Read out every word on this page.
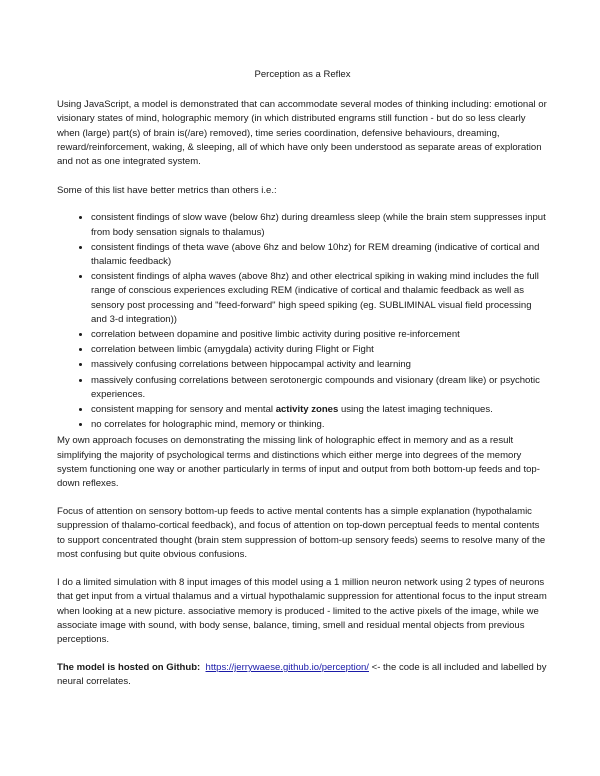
Perception as a Reflex

Using JavaScript, a model is demonstrated that can accommodate several modes of thinking including: emotional or visionary states of mind, holographic memory (in which distributed engrams still function - but do so less clearly when (large) part(s) of brain is(/are) removed), time series coordination, defensive behaviours, dreaming, reward/reinforcement, waking, & sleeping, all of which have only been understood as separate areas of exploration and not as one integrated system.

Some of this list have better metrics than others i.e.:

• consistent findings of slow wave (below 6hz) during dreamless sleep (while the brain stem suppresses input from body sensation signals to thalamus)
• consistent findings of theta wave (above 6hz and below 10hz) for REM dreaming (indicative of cortical and thalamic feedback)
• consistent findings of alpha waves (above 8hz) and other electrical spiking in waking mind includes the full range of conscious experiences excluding REM (indicative of cortical and thalamic feedback as well as sensory post processing and "feed-forward" high speed spiking (eg. SUBLIMINAL visual field processing and 3-d integration))
• correlation between dopamine and positive limbic activity during positive re-inforcement
• correlation between limbic (amygdala) activity during Flight or Fight
• massively confusing correlations between hippocampal activity and learning
• massively confusing correlations between serotonergic compounds and visionary (dream like) or psychotic experiences.
• consistent mapping for sensory and mental activity zones using the latest imaging techniques.
• no correlates for holographic mind, memory or thinking.

My own approach focuses on demonstrating the missing link of holographic effect in memory and as a result simplifying the majority of psychological terms and distinctions which either merge into degrees of the memory system functioning one way or another particularly in terms of input and output from both bottom-up feeds and top-down reflexes.

Focus of attention on sensory bottom-up feeds to active mental contents has a simple explanation (hypothalamic suppression of thalamo-cortical feedback), and focus of attention on top-down perceptual feeds to mental contents to support concentrated thought (brain stem suppression of bottom-up sensory feeds) seems to resolve many of the most confusing but quite obvious confusions.

I do a limited simulation with 8 input images of this model using a 1 million neuron network using 2 types of neurons that get input from a virtual thalamus and a virtual hypothalamic suppression for attentional focus to the input stream when looking at a new picture. associative memory is produced - limited to the active pixels of the image, while we associate image with sound, with body sense, balance, timing, smell and residual mental objects from previous perceptions.

The model is hosted on Github: https://jerrywaese.github.io/perception/ <- the code is all included and labelled by neural correlates.
